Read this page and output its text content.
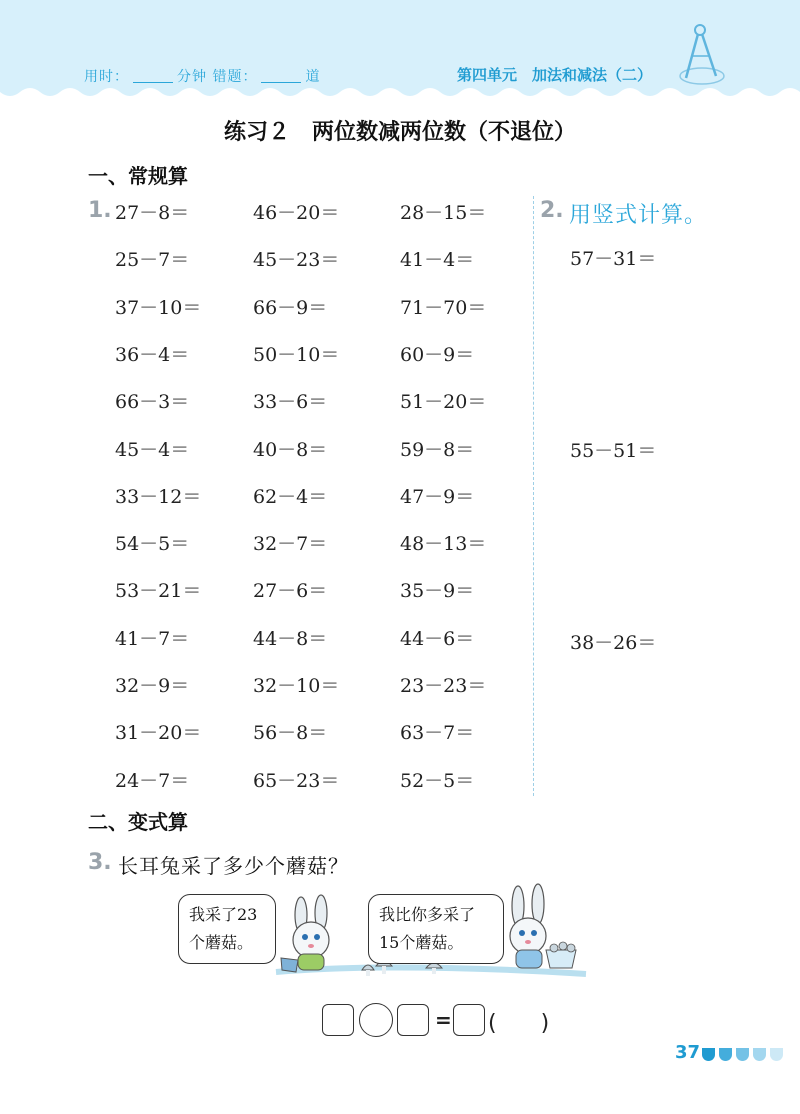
用时：	分钟 错题：	道	第四单元　加法和减法（二）
练习２　两位数减两位数（不退位）
一、常规算
1. 27－8＝	46－20＝	28－15＝
25－7＝	45－23＝	41－4＝
37－10＝	66－9＝	71－70＝
36－4＝	50－10＝	60－9＝
66－3＝	33－6＝	51－20＝
45－4＝	40－8＝	59－8＝
33－12＝	62－4＝	47－9＝
54－5＝	32－7＝	48－13＝
53－21＝	27－6＝	35－9＝
41－7＝	44－8＝	44－6＝
32－9＝	32－10＝	23－23＝
31－20＝	56－8＝	63－7＝
24－7＝	65－23＝	52－5＝
2. 用竖式计算。
57－31＝
55－51＝
38－26＝
二、变式算
3. 长耳兔采了多少个蘑菇？
我采了23
个蘑菇。
我比你多采了
15个蘑菇。
= (　　)
37
